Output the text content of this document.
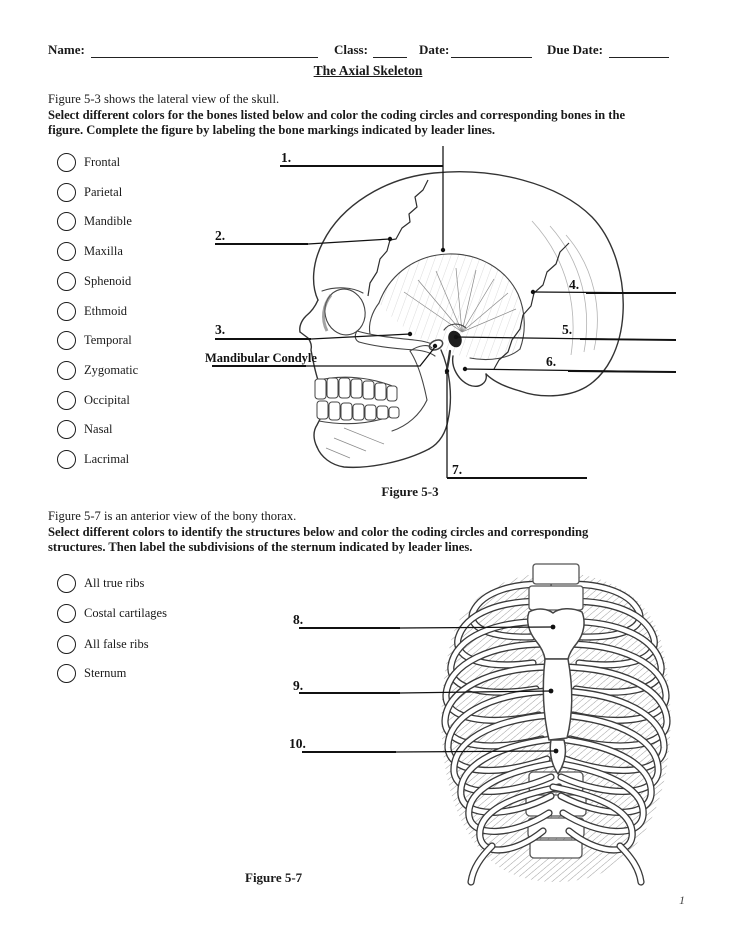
Name:	Class:	Date:	Due Date:
The Axial Skeleton
Figure 5-3 shows the lateral view of the skull.
Select different colors for the bones listed below and color the coding circles and corresponding bones in the
figure. Complete the figure by labeling the bone markings indicated by leader lines.
Frontal
Parietal
Mandible
Maxilla
Sphenoid
Ethmoid
Temporal
Zygomatic
Occipital
Nasal
Lacrimal
1.
2.
3.
Mandibular Condyle
4.
5.
6.
7.
Figure 5-3
Figure 5-7 is an anterior view of the bony thorax.
Select different colors to identify the structures below and color the coding circles and corresponding
structures. Then label the subdivisions of the sternum indicated by leader lines.
All true ribs
Costal cartilages
All false ribs
Sternum
8.
9.
10.
Figure 5-7
1
